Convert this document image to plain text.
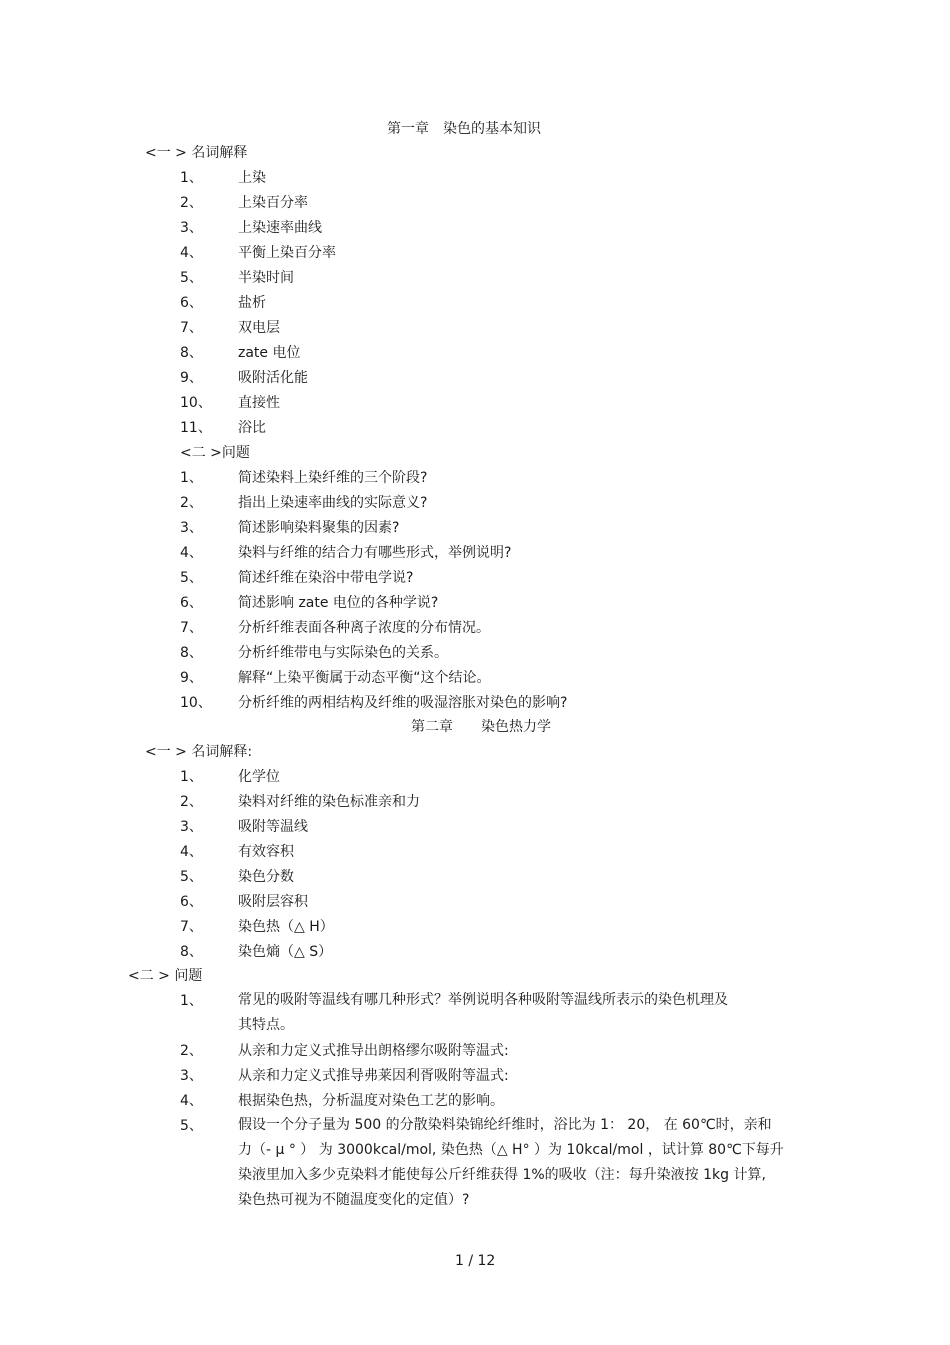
第一章　染色的基本知识
<一 > 名词解释
1、	上染
2、	上染百分率
3、	上染速率曲线
4、	平衡上染百分率
5、	半染时间
6、	盐析
7、	双电层
8、	zate 电位
9、	吸附活化能
10、 直接性
11、 浴比
<二 >问题
1、	简述染料上染纤维的三个阶段?
2、	指出上染速率曲线的实际意义?
3、	简述影响染料聚集的因素?
4、	染料与纤维的结合力有哪些形式，举例说明?
5、	简述纤维在染浴中带电学说?
6、	简述影响 zate 电位的各种学说?
7、	分析纤维表面各种离子浓度的分布情况。
8、	分析纤维带电与实际染色的关系。
9、	解释“上染平衡属于动态平衡“这个结论。
10、 分析纤维的两相结构及纤维的吸湿溶胀对染色的影响?
第二章　　染色热力学
<一 > 名词解释:
1、	化学位
2、	染料对纤维的染色标准亲和力
3、	吸附等温线
4、	有效容积
5、	染色分数
6、	吸附层容积
7、	染色热（△ H）
8、	染色熵（△ S）
<二 > 问题
1、	常见的吸附等温线有哪几种形式？举例说明各种吸附等温线所表示的染色机理及
其特点。
2、	从亲和力定义式推导出朗格缪尔吸附等温式:
3、	从亲和力定义式推导弗莱因利胥吸附等温式:
4、	根据染色热，分析温度对染色工艺的影响。
5、	假设一个分子量为 500 的分散染料染锦纶纤维时，浴比为 1： 20， 在 60℃时，亲和
力（- μ ° ） 为 3000kcal/mol, 染色热（△ H° ）为 10kcal/mol ，试计算 80℃下每升
染液里加入多少克染料才能使每公斤纤维获得 1%的吸收（注：每升染液按 1kg 计算,
染色热可视为不随温度变化的定值）?
1 / 12
